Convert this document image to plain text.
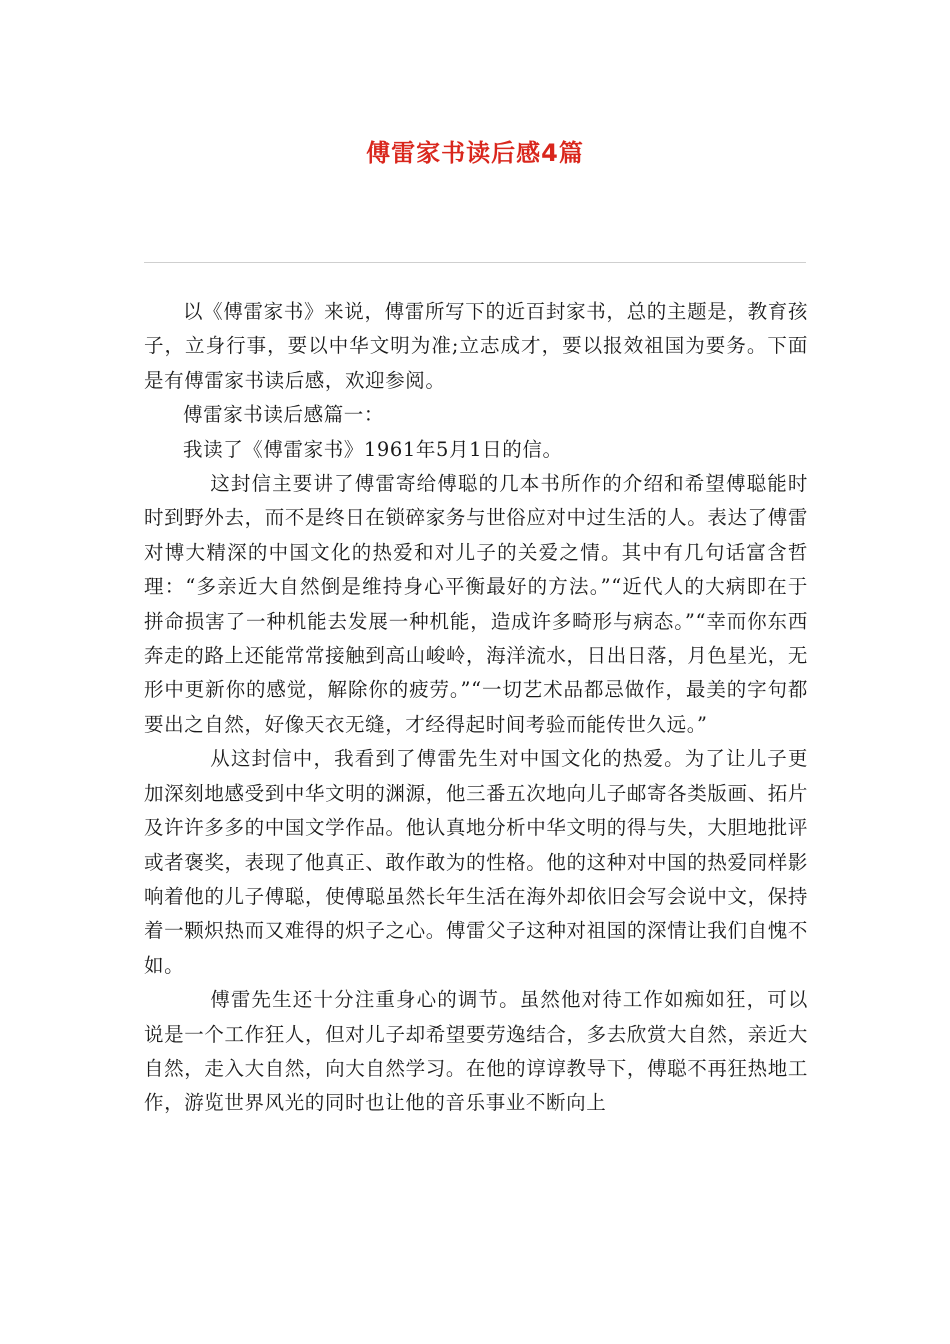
傅雷家书读后感4篇

以《傅雷家书》来说，傅雷所写下的近百封家书，总的主题是，教育孩子，立身行事，要以中华文明为准;立志成才，要以报效祖国为要务。下面是有傅雷家书读后感，欢迎参阅。

傅雷家书读后感篇一：

我读了《傅雷家书》1961年5月1日的信。

这封信主要讲了傅雷寄给傅聪的几本书所作的介绍和希望傅聪能时时到野外去，而不是终日在锁碎家务与世俗应对中过生活的人。表达了傅雷对博大精深的中国文化的热爱和对儿子的关爱之情。其中有几句话富含哲理：“多亲近大自然倒是维持身心平衡最好的方法。”“近代人的大病即在于拼命损害了一种机能去发展一种机能，造成许多畸形与病态。”“幸而你东西奔走的路上还能常常接触到高山峻岭，海洋流水，日出日落，月色星光，无形中更新你的感觉，解除你的疲劳。”“一切艺术品都忌做作，最美的字句都要出之自然，好像天衣无缝，才经得起时间考验而能传世久远。”

从这封信中，我看到了傅雷先生对中国文化的热爱。为了让儿子更加深刻地感受到中华文明的渊源，他三番五次地向儿子邮寄各类版画、拓片及许许多多的中国文学作品。他认真地分析中华文明的得与失，大胆地批评或者褒奖，表现了他真正、敢作敢为的性格。他的这种对中国的热爱同样影响着他的儿子傅聪，使傅聪虽然长年生活在海外却依旧会写会说中文，保持着一颗炽热而又难得的炽子之心。傅雷父子这种对祖国的深情让我们自愧不如。

傅雷先生还十分注重身心的调节。虽然他对待工作如痴如狂，可以说是一个工作狂人，但对儿子却希望要劳逸结合，多去欣赏大自然，亲近大自然，走入大自然，向大自然学习。在他的谆谆教导下，傅聪不再狂热地工作，游览世界风光的同时也让他的音乐事业不断向上
